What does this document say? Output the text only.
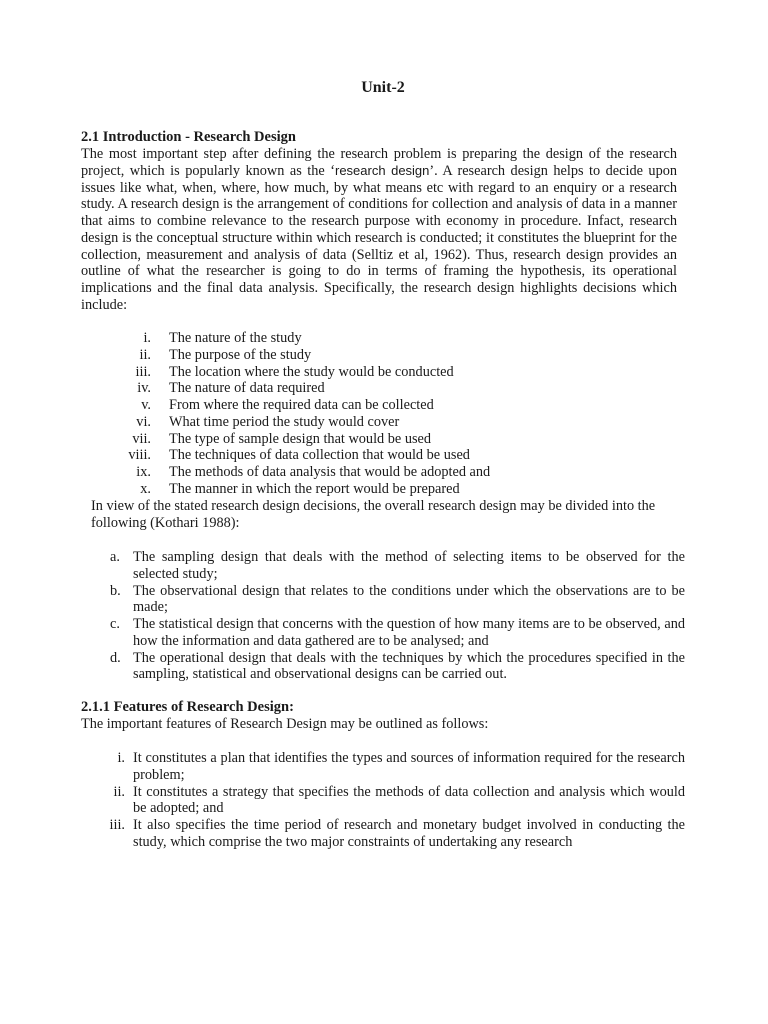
Unit-2
2.1 Introduction - Research Design

The most important step after defining the research problem is preparing the design of the research project, which is popularly known as the ‘research design’. A research design helps to decide upon issues like what, when, where, how much, by what means etc with regard to an enquiry or a research study. A research design is the arrangement of conditions for collection and analysis of data in a manner that aims to combine relevance to the research purpose with economy in procedure. Infact, research design is the conceptual structure within which research is conducted; it constitutes the blueprint for the collection, measurement and analysis of data (Selltiz et al, 1962). Thus, research design provides an outline of what the researcher is going to do in terms of framing the hypothesis, its operational implications and the final data analysis. Specifically, the research design highlights decisions which include:

i. The nature of the study
ii. The purpose of the study
iii. The location where the study would be conducted
iv. The nature of data required
v. From where the required data can be collected
vi. What time period the study would cover
vii. The type of sample design that would be used
viii. The techniques of data collection that would be used
ix. The methods of data analysis that would be adopted and
x. The manner in which the report would be prepared

In view of the stated research design decisions, the overall research design may be divided into the following (Kothari 1988):

a. The sampling design that deals with the method of selecting items to be observed for the selected study;
b. The observational design that relates to the conditions under which the observations are to be made;
c. The statistical design that concerns with the question of how many items are to be observed, and how the information and data gathered are to be analysed; and
d. The operational design that deals with the techniques by which the procedures specified in the sampling, statistical and observational designs can be carried out.
2.1.1 Features of Research Design:

The important features of Research Design may be outlined as follows:

i. It constitutes a plan that identifies the types and sources of information required for the research problem;
ii. It constitutes a strategy that specifies the methods of data collection and analysis which would be adopted; and
iii. It also specifies the time period of research and monetary budget involved in conducting the study, which comprise the two major constraints of undertaking any research
